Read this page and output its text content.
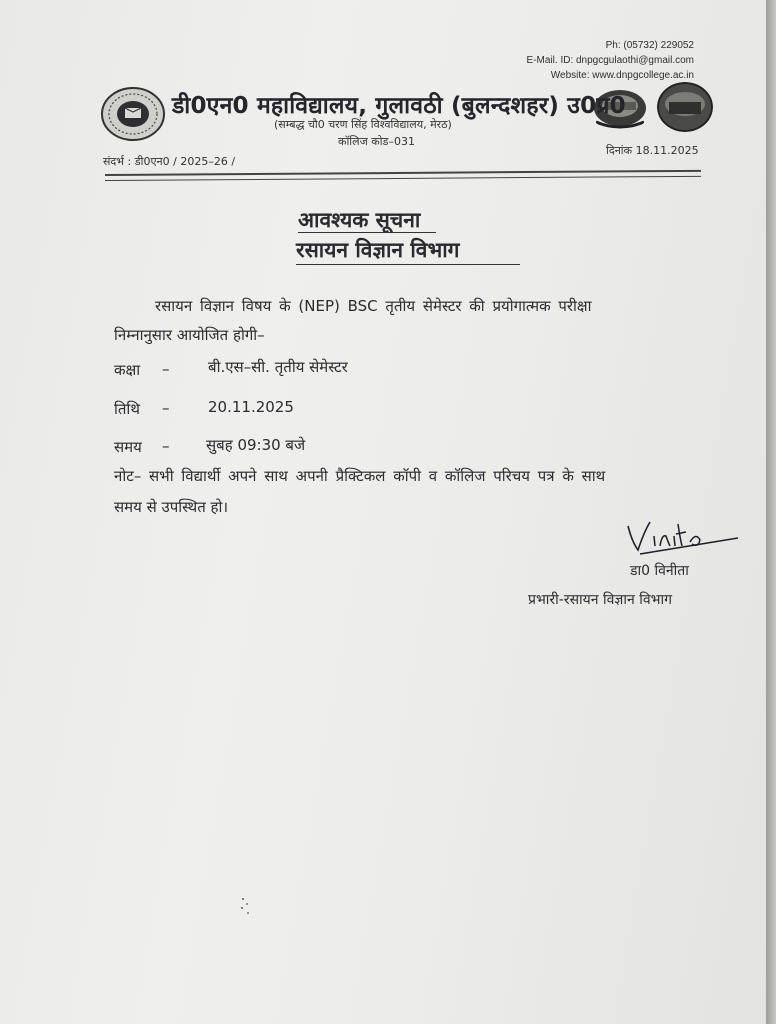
Ph: (05732) 229052
E-Mail. ID: dnpgcgulaothi@gmail.com
Website: www.dnpgcollege.ac.in
डी0एन0 महाविद्यालय, गुलावठी (बुलन्दशहर) उ0प्र0
(सम्बद्ध चौ0 चरण सिंह विश्वविद्यालय, मेरठ)
कॉलिज कोड–031
संदर्भ : डी0एन0 / 2025–26 /
दिनांक 18.11.2025
आवश्यक सूचना
रसायन विज्ञान विभाग
रसायन विज्ञान विषय के (NEP) BSC तृतीय सेमेस्टर की प्रयोगात्मक परीक्षा
निम्नानुसार आयोजित होगी–
कक्षा –	बी.एस–सी. तृतीय सेमेस्टर
तिथि –	20.11.2025
समय – सुबह 09:30 बजे
नोट– सभी विद्यार्थी अपने साथ अपनी प्रैक्टिकल कॉपी व कॉलिज परिचय पत्र के साथ
समय से उपस्थित हो।
डा0 विनीता
प्रभारी-रसायन विज्ञान विभाग
